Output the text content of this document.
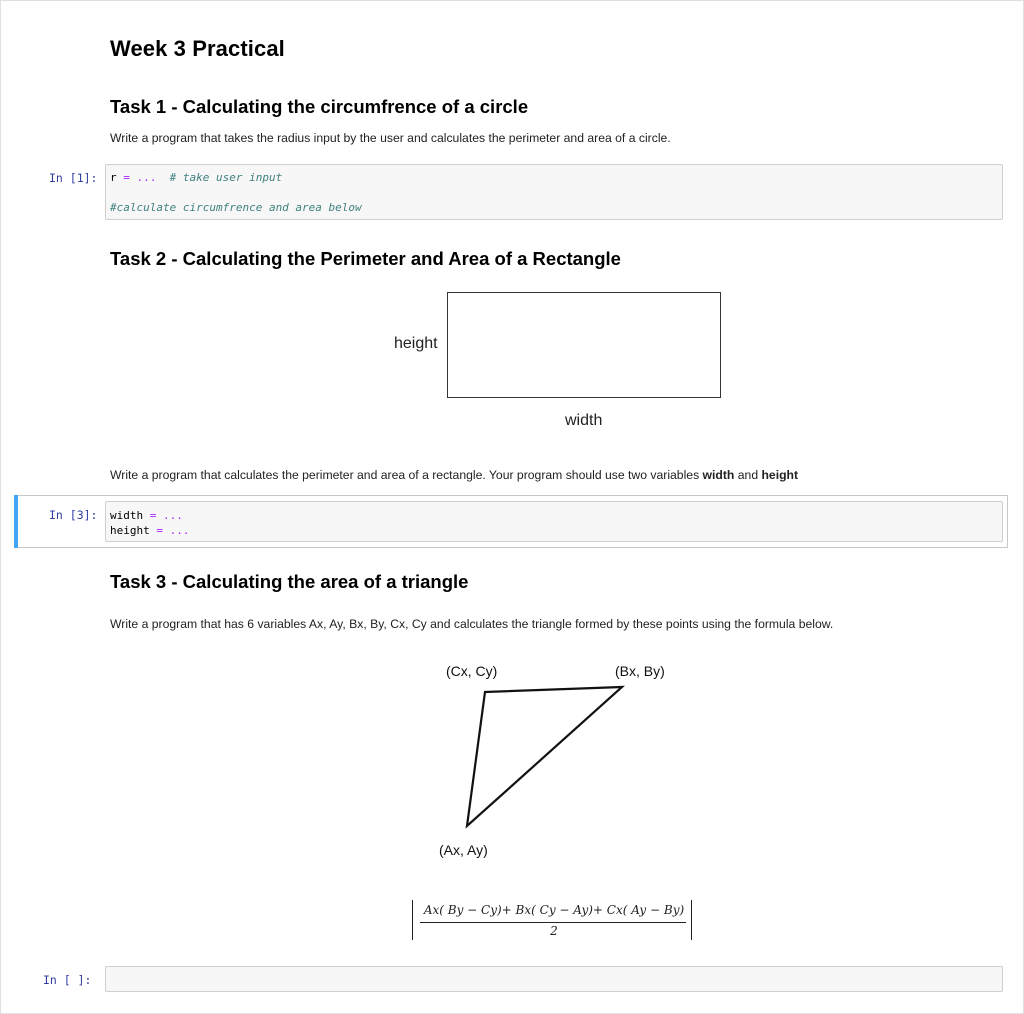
Week 3 Practical
Task 1 - Calculating the circumfrence of a circle

Write a program that takes the radius input by the user and calculates the perimeter and area of a circle.

In [1]: r = ...  # take user input
#calculate circumfrence and area below
Task 2 - Calculating the Perimeter and Area of a Rectangle
height
width

Write a program that calculates the perimeter and area of a rectangle. Your program should use two variables width and height

In [3]: width = ...
height = ...
Task 3 - Calculating the area of a triangle

Write a program that has 6 variables Ax, Ay, Bx, By, Cx, Cy and calculates the triangle formed by these points using the formula below.

(Cx, Cy)	(Bx, By)
(Ax, Ay)
Ax( By − Cy)+ Bx( Cy − Ay)+ Cx( Ay − By)
2
In [ ]:
